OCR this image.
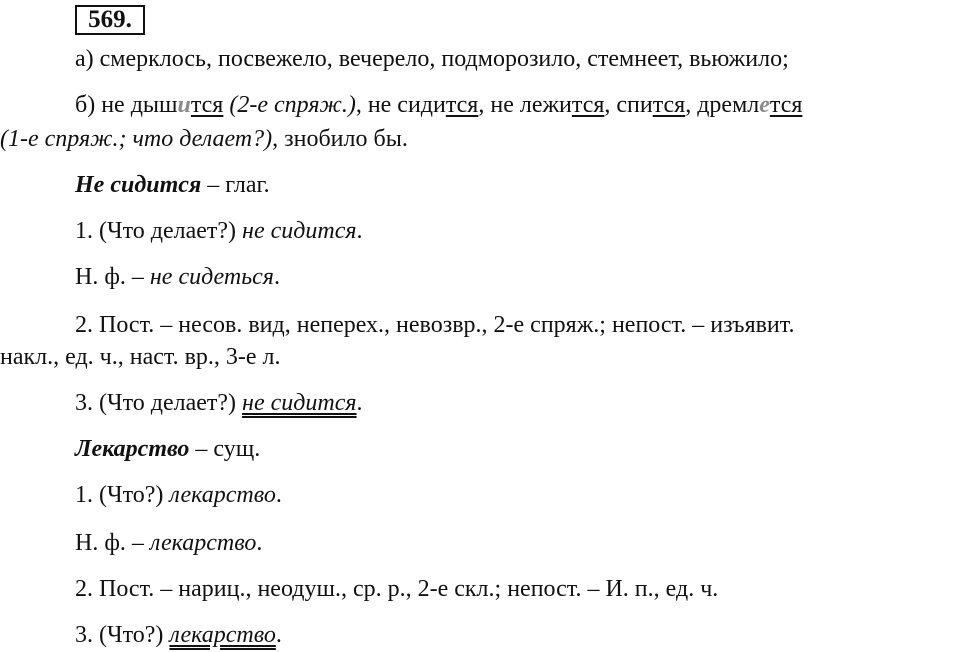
569.
а) смерклось, посвежело, вечерело, подморозило, стемнеет, вьюжило;
б) не дышится (2-е спряж.), не сидится, не лежится, спится, дремлется
(1-е спряж.; что делает?), знобило бы.
Не сидится – глаг.
1. (Что делает?) не сидится.
Н. ф. – не сидеться.
2. Пост. – несов. вид, неперех., невозвр., 2-е спряж.; непост. – изъявит.
накл., ед. ч., наст. вр., 3-е л.
3. (Что делает?) не сидится.
Лекарство – сущ.
1. (Что?) лекарство.
Н. ф. – лекарство.
2. Пост. – нариц., неодуш., ср. р., 2-е скл.; непост. – И. п., ед. ч.
3. (Что?) лекарство.
